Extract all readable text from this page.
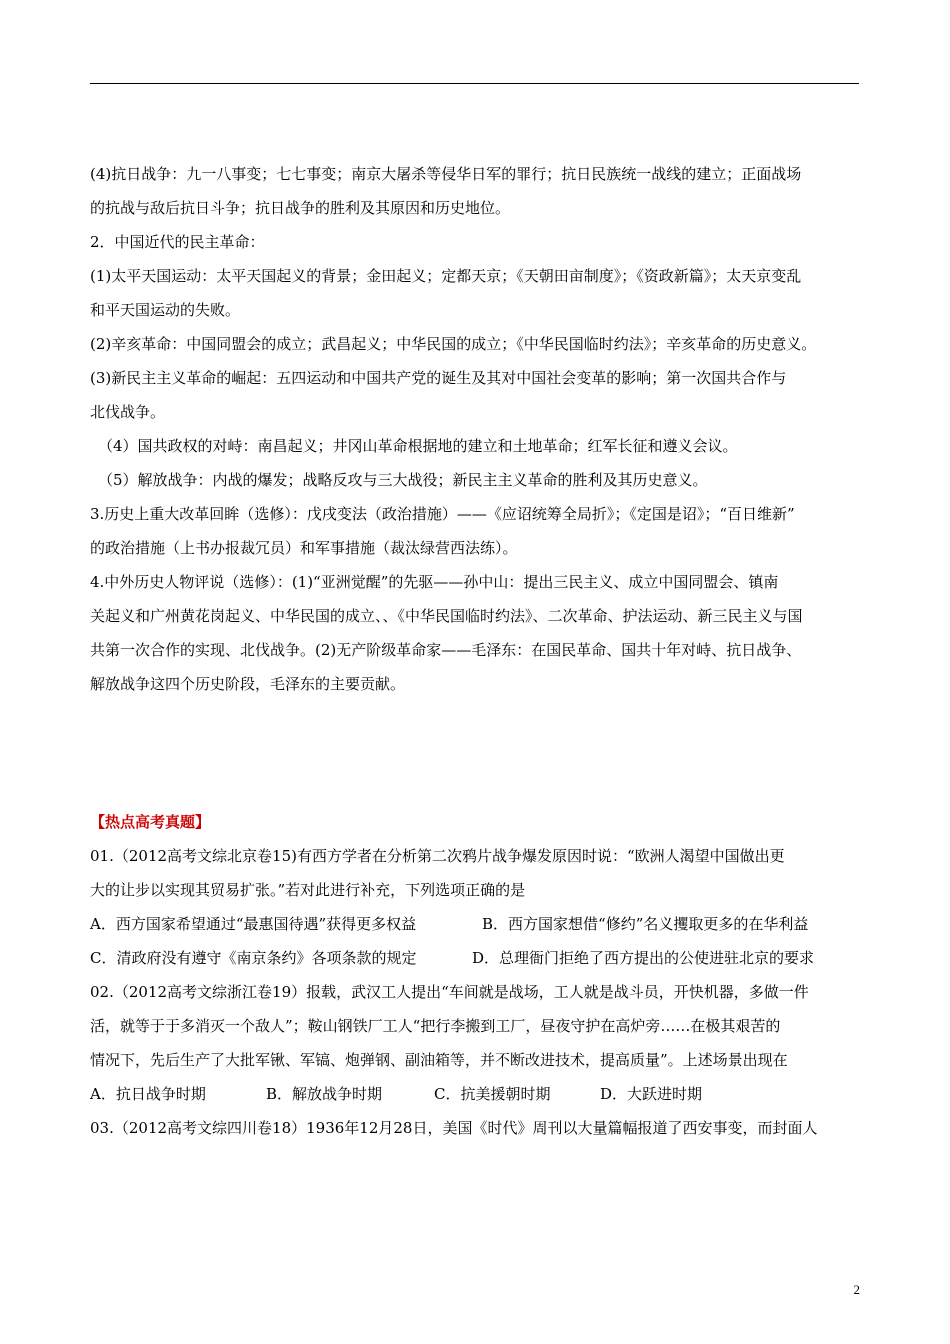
(4)抗日战争：九一八事变；七七事变；南京大屠杀等侵华日军的罪行；抗日民族统一战线的建立；正面战场

的抗战与敌后抗日斗争；抗日战争的胜利及其原因和历史地位。

2．中国近代的民主革命：

(1)太平天国运动：太平天国起义的背景；金田起义；定都天京；《天朝田亩制度》；《资政新篇》；太天京变乱

和平天国运动的失败。

(2)辛亥革命：中国同盟会的成立；武昌起义；中华民国的成立；《中华民国临时约法》；辛亥革命的历史意义。

(3)新民主主义革命的崛起：五四运动和中国共产党的诞生及其对中国社会变革的影响；第一次国共合作与

北伐战争。

（4）国共政权的对峙：南昌起义；井冈山革命根据地的建立和土地革命；红军长征和遵义会议。

（5）解放战争：内战的爆发；战略反攻与三大战役；新民主主义革命的胜利及其历史意义。

3.历史上重大改革回眸（选修）：戊戌变法（政治措施）——《应诏统筹全局折》；《定国是诏》；“百日维新”

的政治措施（上书办报裁冗员）和军事措施（裁汰绿营西法练）。

4.中外历史人物评说（选修）：(1)“亚洲觉醒”的先驱——孙中山：提出三民主义、成立中国同盟会、镇南

关起义和广州黄花岗起义、中华民国的成立、、《中华民国临时约法》、二次革命、护法运动、新三民主义与国

共第一次合作的实现、北伐战争。(2)无产阶级革命家——毛泽东：在国民革命、国共十年对峙、抗日战争、

解放战争这四个历史阶段，毛泽东的主要贡献。

【热点高考真题】

01.（2012高考文综北京卷15)有西方学者在分析第二次鸦片战争爆发原因时说：“欧洲人渴望中国做出更

大的让步以实现其贸易扩张。”若对此进行补充，下列选项正确的是

A．西方国家希望通过“最惠国待遇”获得更多权益	B．西方国家想借“修约”名义攫取更多的在华利益

C．清政府没有遵守《南京条约》各项条款的规定	D．总理衙门拒绝了西方提出的公使进驻北京的要求

02.（2012高考文综浙江卷19）报载，武汉工人提出“车间就是战场，工人就是战斗员，开快机器，多做一件

活，就等于于多消灭一个敌人”；鞍山钢铁厂工人“把行李搬到工厂，昼夜守护在高炉旁……在极其艰苦的

情况下，先后生产了大批军锹、军镐、炮弹钢、副油箱等，并不断改进技术，提高质量”。上述场景出现在

A．抗日战争时期	B．解放战争时期	C．抗美援朝时期	D．大跃进时期

03.（2012高考文综四川卷18）1936年12月28日，美国《时代》周刊以大量篇幅报道了西安事变，而封面人

2
